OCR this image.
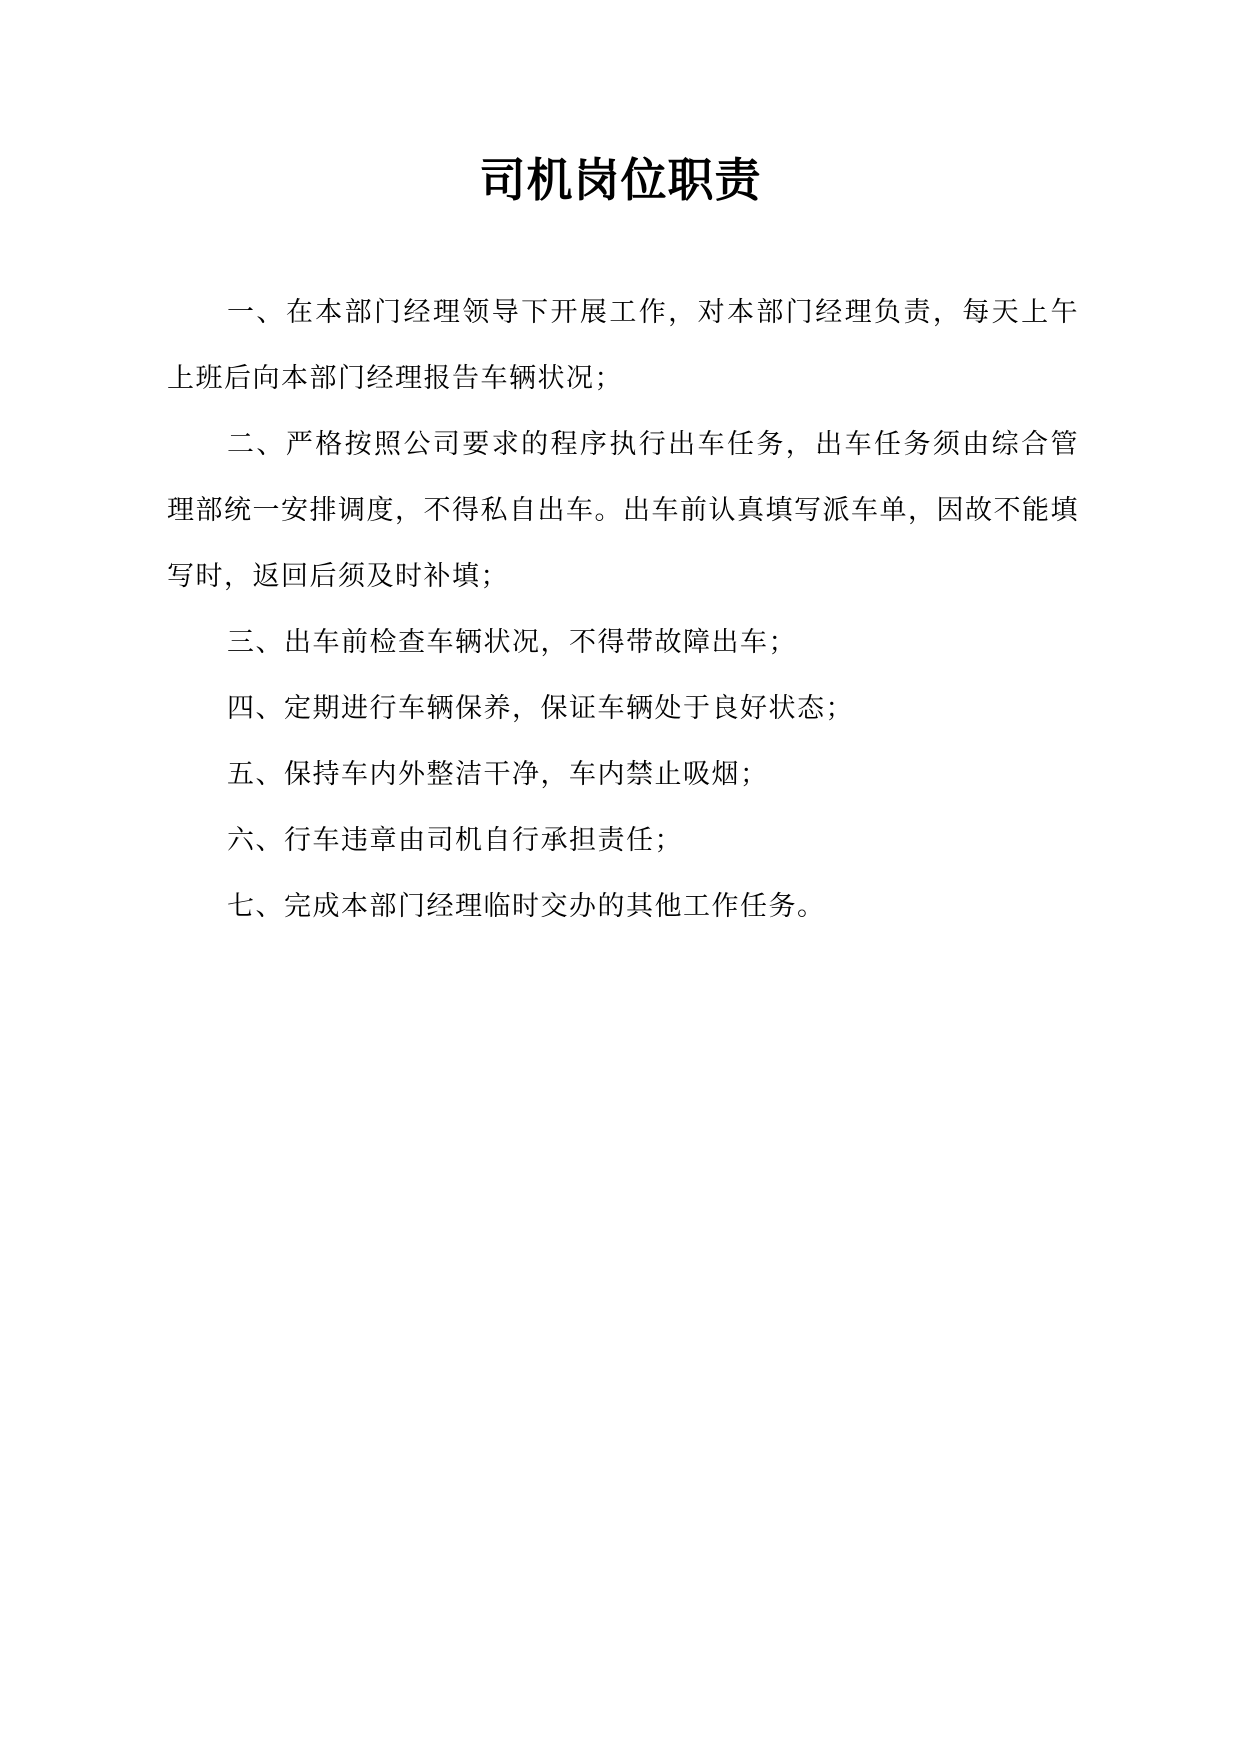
司机岗位职责

一、在本部门经理领导下开展工作，对本部门经理负责，每天上午上班后向本部门经理报告车辆状况；

二、严格按照公司要求的程序执行出车任务，出车任务须由综合管理部统一安排调度，不得私自出车。出车前认真填写派车单，因故不能填写时，返回后须及时补填；

三、出车前检查车辆状况，不得带故障出车；

四、定期进行车辆保养，保证车辆处于良好状态；

五、保持车内外整洁干净，车内禁止吸烟；

六、行车违章由司机自行承担责任；

七、完成本部门经理临时交办的其他工作任务。
